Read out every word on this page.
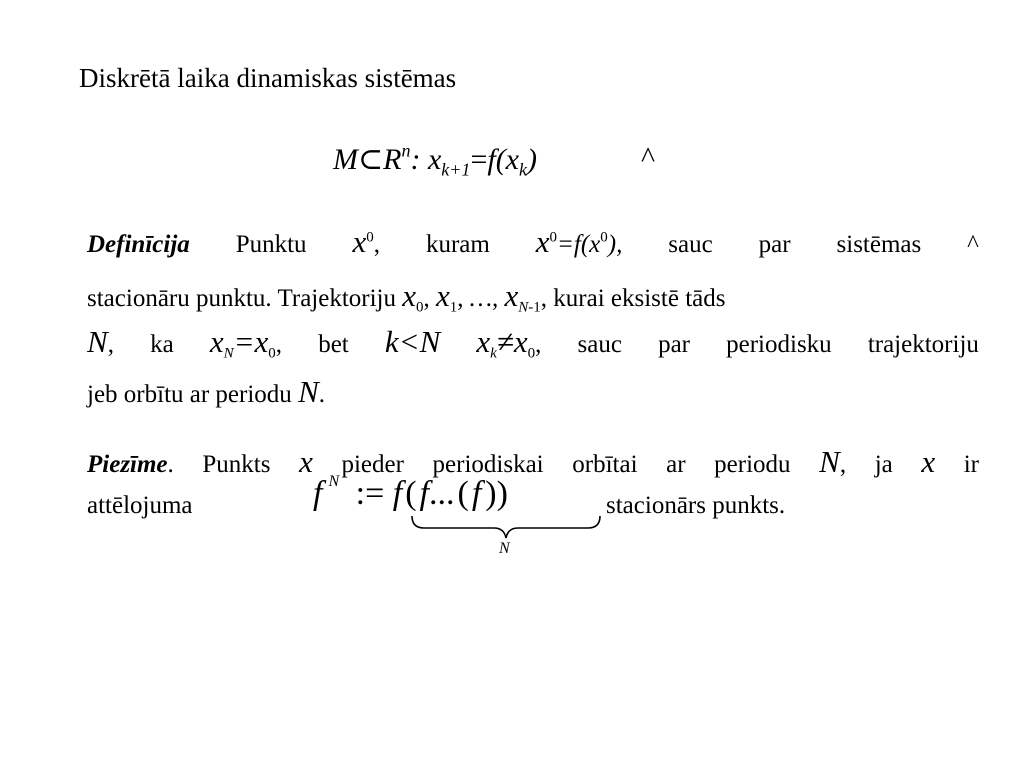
Diskrētā laika dinamiskas sistēmas
$M\subset R^n$: $x_{k+1}=f(x_k)$	^
Definīcija Punktu $x^0$, kuram $x^0=f(x^0)$, sauc par sistēmas ^
stacionāru punktu. Trajektoriju $x_0$, $x_1$, …, $x_{N-1}$, kurai eksistē tāds
N, ka $x_N=x_0$, bet k<N $x_k\ne x_0$, sauc par periodisku trajektoriju
jeb orbītu ar periodu N.
Piezīme. Punkts x pieder periodiskai orbītai ar periodu N, ja x ir
attēlojuma	f $^N$ := f(f...(f ))
N
stacionārs punkts.
